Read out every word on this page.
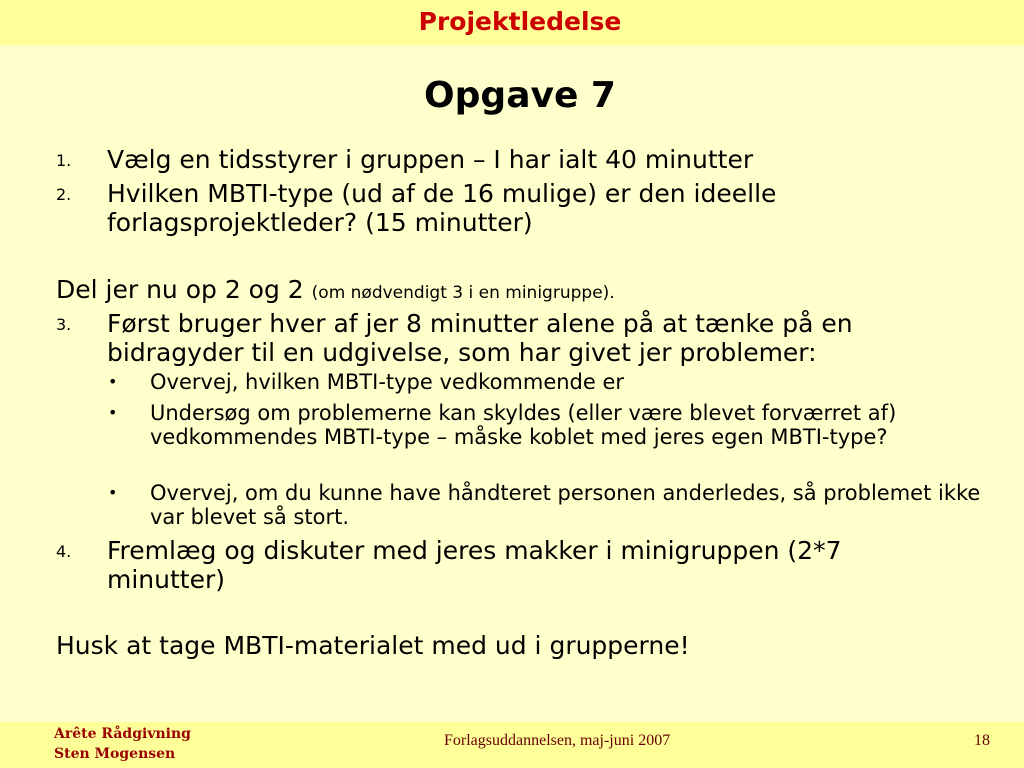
Projektledelse
Opgave 7
1. Vælg en tidsstyrer i gruppen – I har ialt 40 minutter
2. Hvilken MBTI-type (ud af de 16 mulige) er den ideelle forlagsprojektleder? (15 minutter)
Del jer nu op 2 og 2 (om nødvendigt 3 i en minigruppe).
3. Først bruger hver af jer 8 minutter alene på at tænke på en bidragyder til en udgivelse, som har givet jer problemer:
• Overvej, hvilken MBTI-type vedkommende er
• Undersøg om problemerne kan skyldes (eller være blevet forværret af) vedkommendes MBTI-type – måske koblet med jeres egen MBTI-type?
• Overvej, om du kunne have håndteret personen anderledes, så problemet ikke var blevet så stort.
4. Fremlæg og diskuter med jeres makker i minigruppen (2*7 minutter)
Husk at tage MBTI-materialet med ud i grupperne!
Arête Rådgivning
Sten Mogensen
Forlagsuddannelsen, maj-juni 2007	18
